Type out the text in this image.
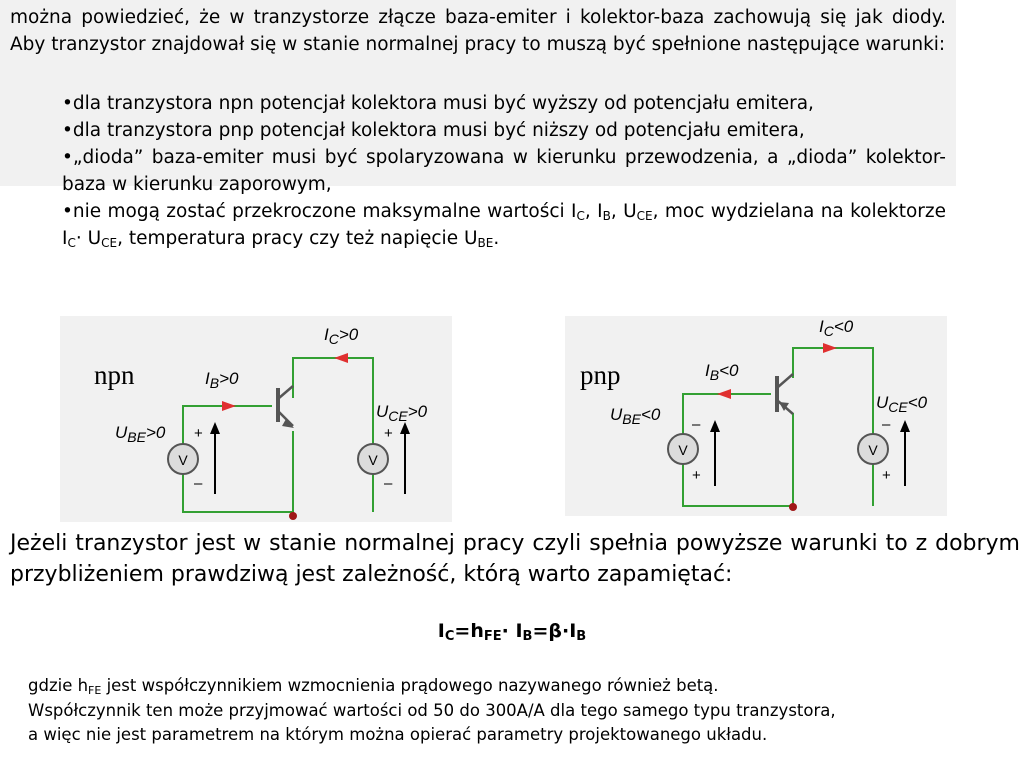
można powiedzieć, że w tranzystorze złącze baza-emiter i kolektor-baza zachowują się jak diody. Aby tranzystor znajdował się w stanie normalnej pracy to muszą być spełnione następujące warunki:
•dla tranzystora npn potencjał kolektora musi być wyższy od potencjału emitera,
•dla tranzystora pnp potencjał kolektora musi być niższy od potencjału emitera,
•„dioda” baza-emiter musi być spolaryzowana w kierunku przewodzenia, a „dioda” kolektor-baza w kierunku zaporowym,
•nie mogą zostać przekroczone maksymalne wartości $I_C$, $I_B$, $U_{CE}$, moc wydzielana na kolektorze $I_C\cdot U_{CE}$, temperatura pracy czy też napięcie $U_{BE}$.
V	V
npn
$I_C>0$
$I_B>0$
$U_{BE}>0$
$U_{CE}>0$
+
–
+
–
V	V
pnp
$I_C<0$
$I_B<0$
$U_{BE}<0$
$U_{CE}<0$
–
+
–
+
Jeżeli tranzystor jest w stanie normalnej pracy czyli spełnia powyższe warunki to z dobrym przybliżeniem prawdziwą jest zależność, którą warto zapamiętać:
$I_C=h_{FE}\cdot I_B=\beta\cdot I_B$
gdzie $h_{FE}$ jest współczynnikiem wzmocnienia prądowego nazywanego również betą.
Współczynnik ten może przyjmować wartości od 50 do 300A/A dla tego samego typu tranzystora,
a więc nie jest parametrem na którym można opierać parametry projektowanego układu.
